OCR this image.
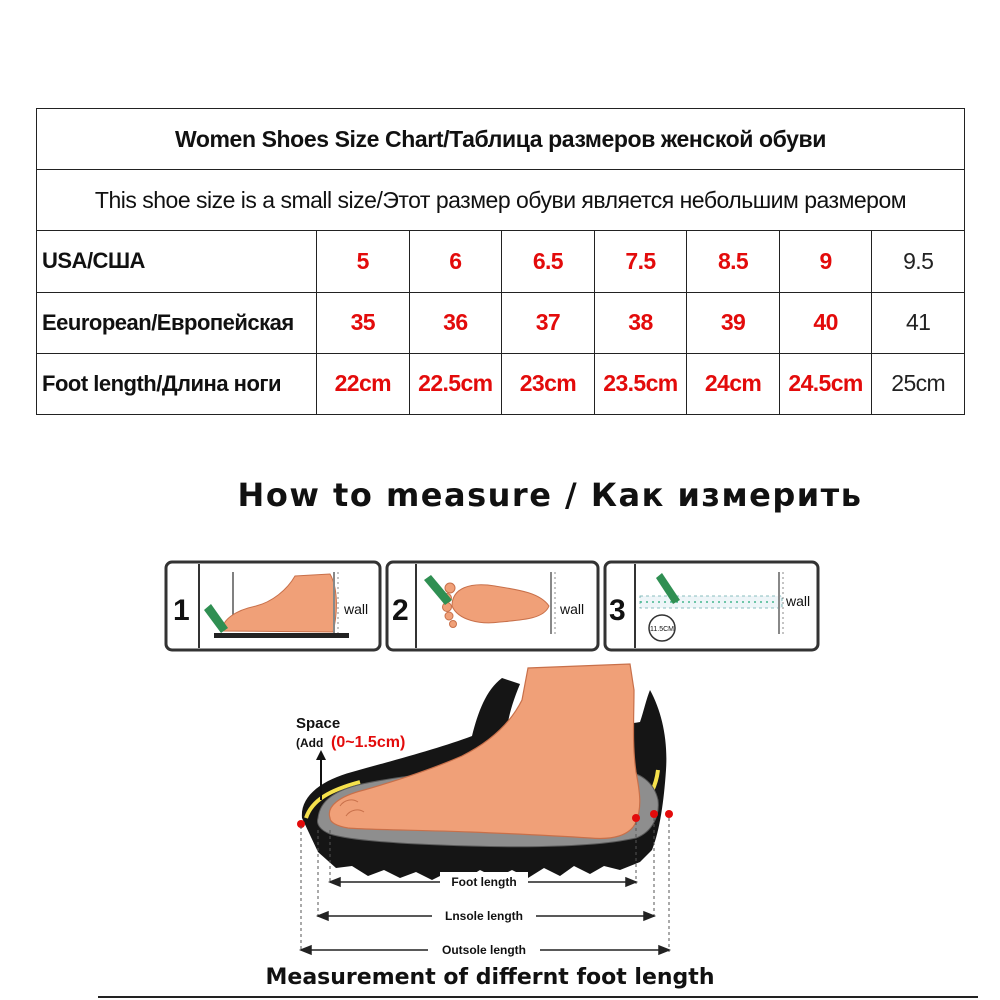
Women Shoes Size Chart/Таблица размеров женской обуви							
This shoe size is a small size/Этот размер обуви является небольшим размером							
USA/США	5	6	6.5	7.5	8.5	9	9.5
Eeuropean/Европейская	35	36	37	38	39	40	41
Foot length/Длина ноги	22cm	22.5cm	23cm	23.5cm	24cm	24.5cm	25cm
How to measure / Как измерить
1	wall 2	wall 3
11.5CM
wall
Space
(Add (0~1.5cm)
Foot length
Lnsole length
Outsole length
Measurement of differnt foot length
